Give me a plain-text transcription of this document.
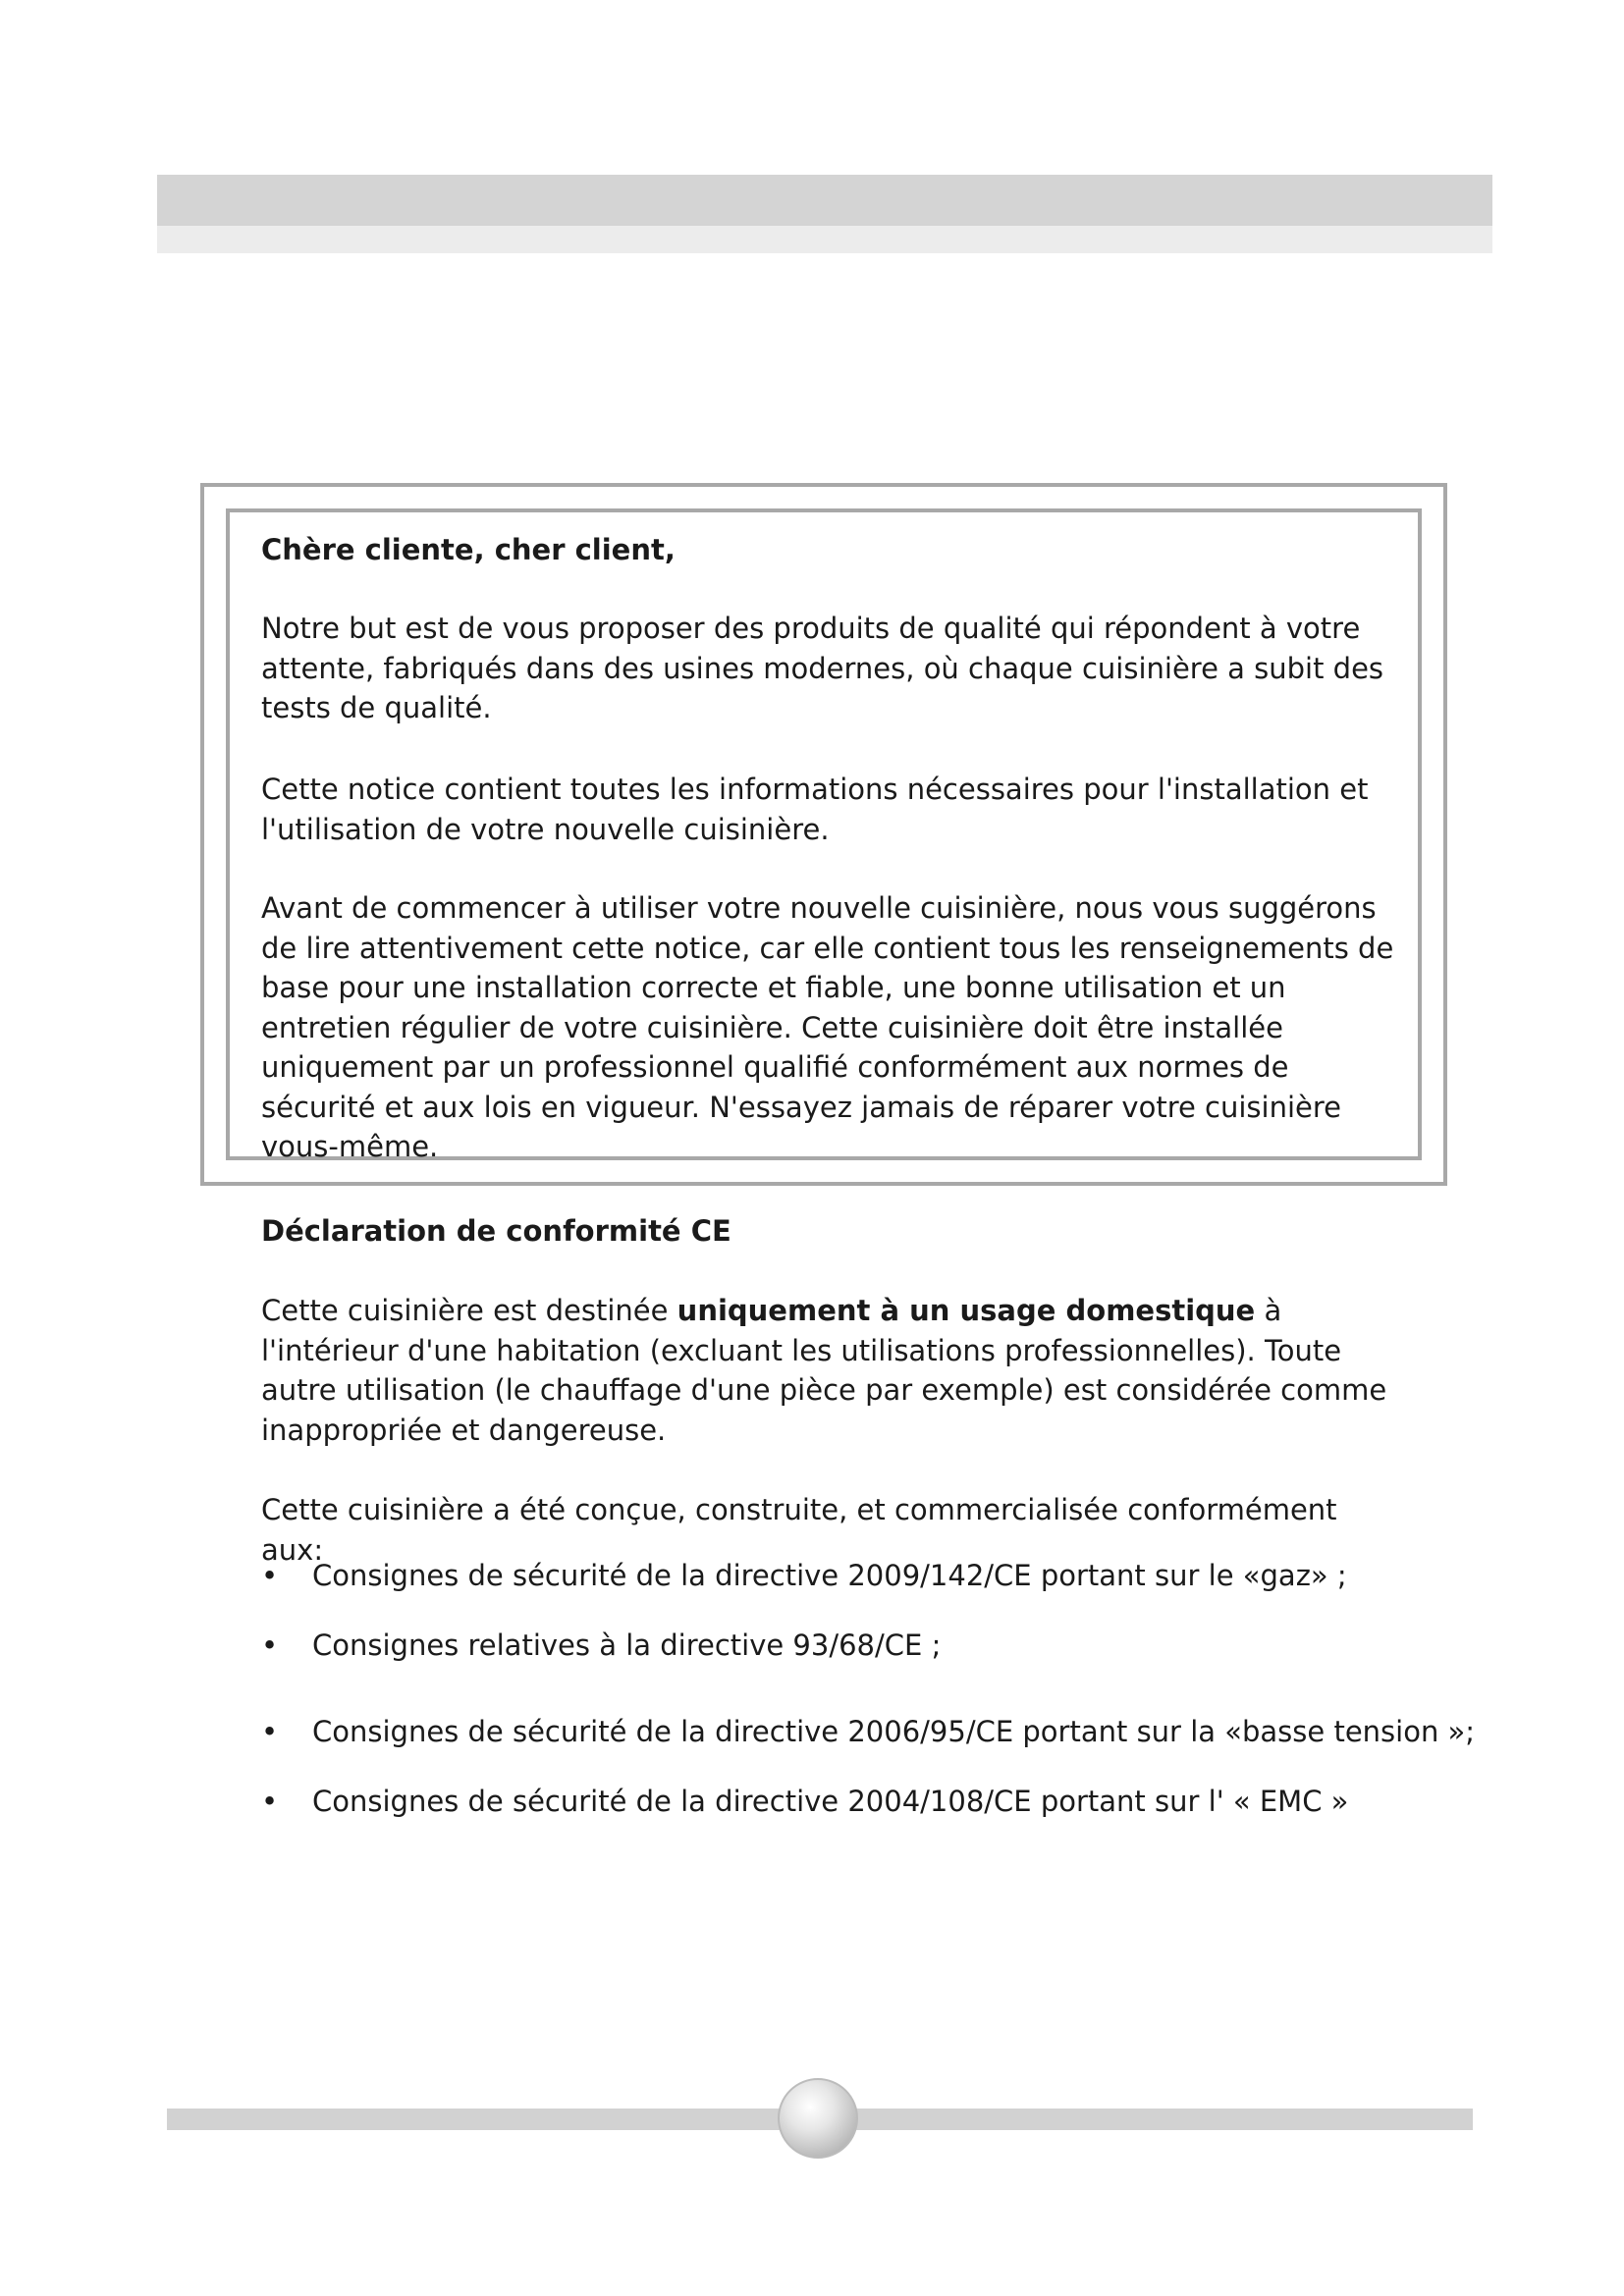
Chère cliente, cher client,

Notre but est de vous proposer des produits de qualité qui répondent à votre attente, fabriqués dans des usines modernes, où chaque cuisinière a subit des tests de qualité.

Cette notice contient toutes les informations nécessaires pour l'installation et l'utilisation de votre nouvelle cuisinière.

Avant de commencer à utiliser votre nouvelle cuisinière, nous vous suggérons de lire attentivement cette notice, car elle contient tous les renseignements de base pour une installation correcte et fiable, une bonne utilisation et un entretien régulier de votre cuisinière. Cette cuisinière doit être installée uniquement par un professionnel qualifié conformément aux normes de sécurité et aux lois en vigueur. N'essayez jamais de réparer votre cuisinière vous-même.

Déclaration de conformité CE

Cette cuisinière est destinée uniquement à un usage domestique à l'intérieur d'une habitation (excluant les utilisations professionnelles). Toute autre utilisation (le chauffage d'une pièce par exemple) est considérée comme inappropriée et dangereuse.

Cette cuisinière a été conçue, construite, et commercialisée conformément aux:

• Consignes de sécurité de la directive 2009/142/CE portant sur le «gaz» ;
• Consignes relatives à la directive 93/68/CE ;
• Consignes de sécurité de la directive 2006/95/CE portant sur la «basse tension »;
• Consignes de sécurité de la directive 2004/108/CE portant sur l' « EMC »
